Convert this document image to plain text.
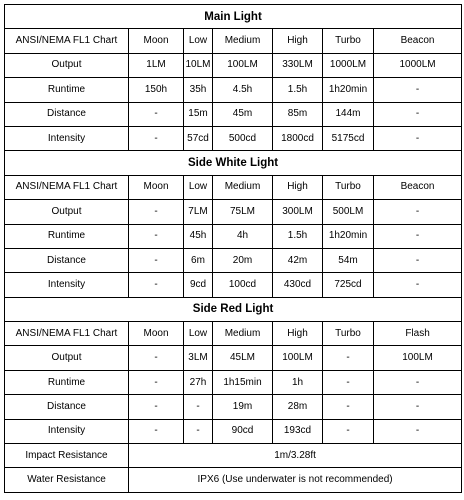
Main Light						
ANSI/NEMA FL1 Chart	Moon	Low	Medium	High	Turbo	Beacon
Output	1LM	10LM	100LM	330LM	1000LM	1000LM
Runtime	150h	35h	4.5h	1.5h	1h20min	-
Distance	-	15m	45m	85m	144m	-
Intensity	-	57cd	500cd	1800cd	5175cd	-
Side White Light						
ANSI/NEMA FL1 Chart	Moon	Low	Medium	High	Turbo	Beacon
Output	-	7LM	75LM	300LM	500LM	-
Runtime	-	45h	4h	1.5h	1h20min	-
Distance	-	6m	20m	42m	54m	-
Intensity	-	9cd	100cd	430cd	725cd	-
Side Red Light						
ANSI/NEMA FL1 Chart	Moon	Low	Medium	High	Turbo	Flash
Output	-	3LM	45LM	100LM	-	100LM
Runtime	-	27h	1h15min	1h	-	-
Distance	-	-	19m	28m	-	-
Intensity	-	-	90cd	193cd	-	-
Impact Resistance	1m/3.28ft					
Water Resistance	IPX6 (Use underwater is not recommended)					
